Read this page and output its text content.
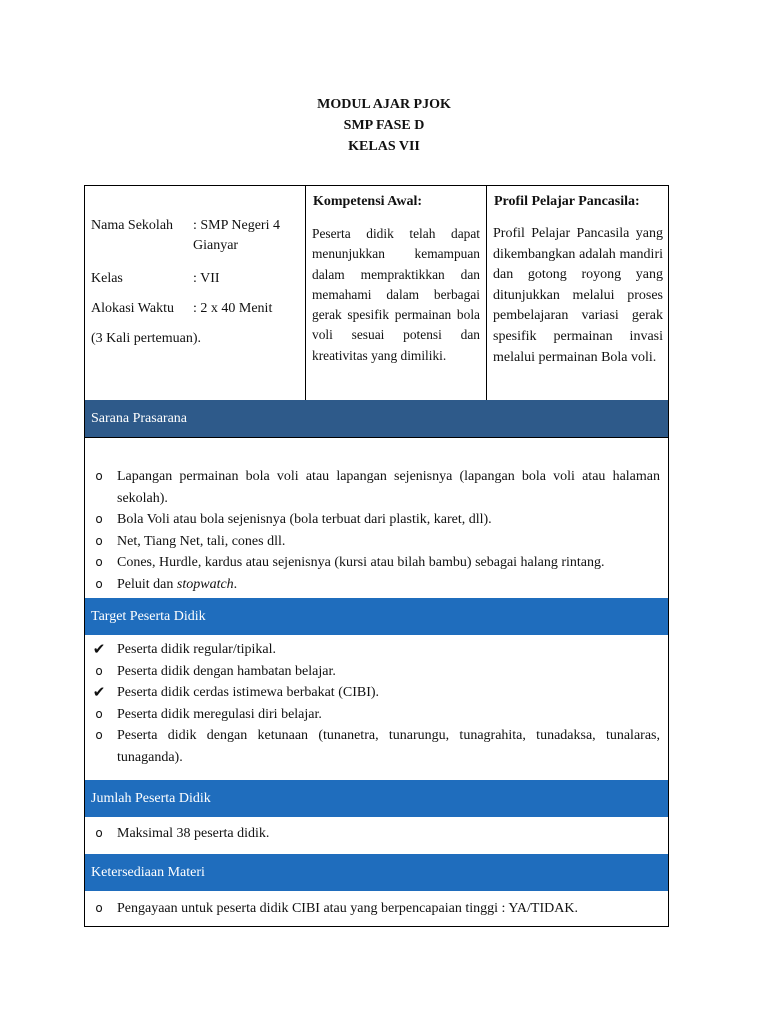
MODUL AJAR PJOK
SMP FASE D
KELAS VII
Nama Sekolah	: SMP Negeri 4 Gianyar
Kelas	: VII
Alokasi Waktu	: 2 x 40 Menit
(3 Kali pertemuan).
Kompetensi Awal:
Peserta didik telah dapat menunjukkan kemampuan dalam mempraktikkan dan memahami dalam berbagai gerak spesifik permainan bola voli sesuai potensi dan kreativitas yang dimiliki.
Profil Pelajar Pancasila:
Profil Pelajar Pancasila yang dikembangkan adalah mandiri dan gotong royong yang ditunjukkan melalui proses pembelajaran variasi gerak spesifik permainan invasi melalui permainan Bola voli.
Sarana Prasarana
o Lapangan permainan bola voli atau lapangan sejenisnya (lapangan bola voli atau halaman sekolah).
o Bola Voli atau bola sejenisnya (bola terbuat dari plastik, karet, dll).
o Net, Tiang Net, tali, cones dll.
o Cones, Hurdle, kardus atau sejenisnya (kursi atau bilah bambu) sebagai halang rintang.
o Peluit dan stopwatch.
Target Peserta Didik
✔ Peserta didik regular/tipikal.
o Peserta didik dengan hambatan belajar.
✔ Peserta didik cerdas istimewa berbakat (CIBI).
o Peserta didik meregulasi diri belajar.
o Peserta didik dengan ketunaan (tunanetra, tunarungu, tunagrahita, tunadaksa, tunalaras, tunaganda).
Jumlah Peserta Didik
o Maksimal 38 peserta didik.
Ketersediaan Materi
o Pengayaan untuk peserta didik CIBI atau yang berpencapaian tinggi : YA/TIDAK.
